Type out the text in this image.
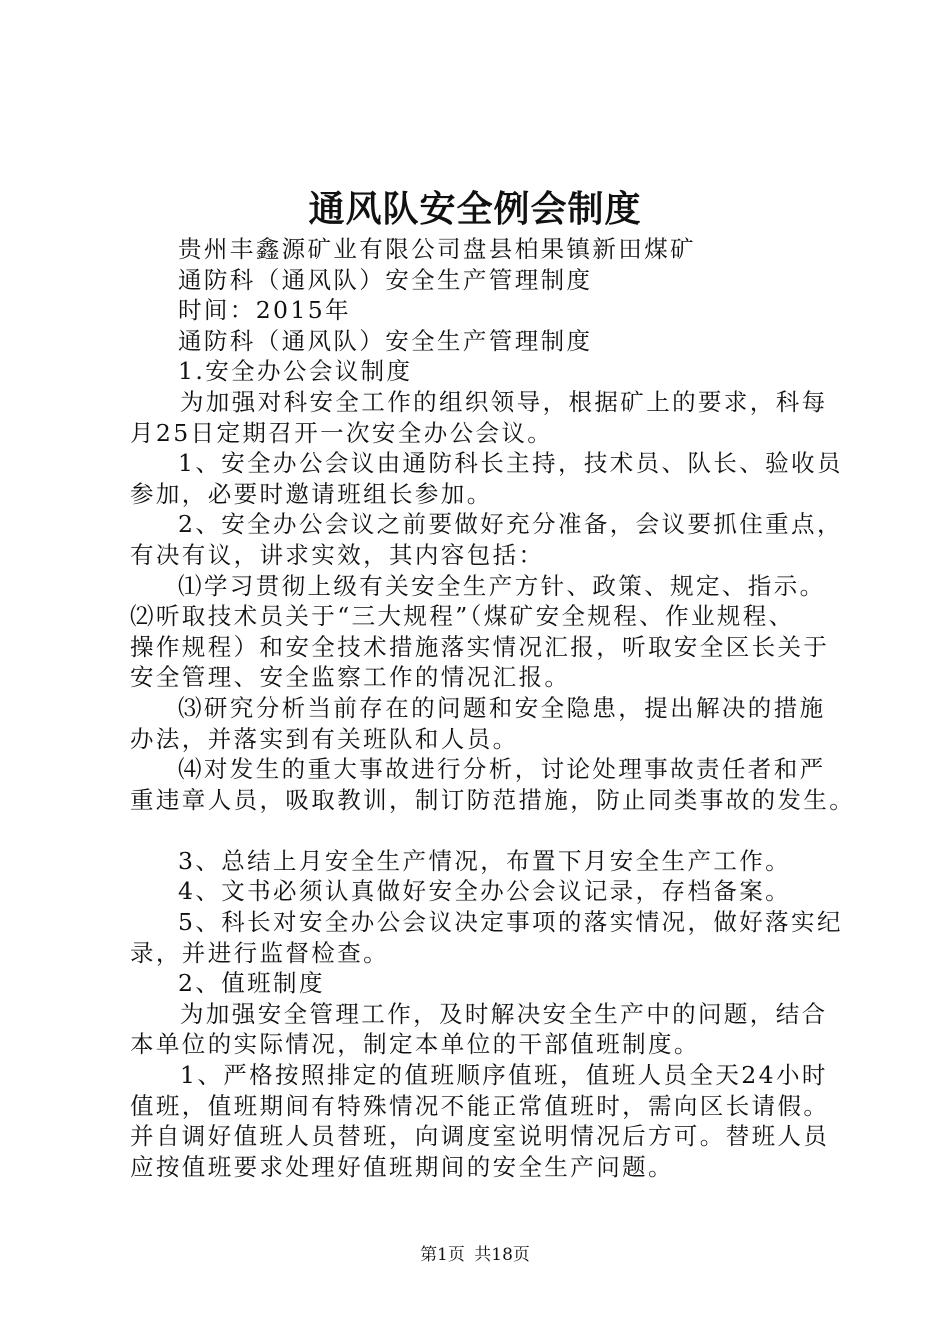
通风队安全例会制度

贵州丰鑫源矿业有限公司盘县柏果镇新田煤矿

通防科（通风队）安全生产管理制度

时间：2015年

通防科（通风队）安全生产管理制度

1.安全办公会议制度

为加强对科安全工作的组织领导，根据矿上的要求，科每

月25日定期召开一次安全办公会议。

1、安全办公会议由通防科长主持，技术员、队长、验收员

参加，必要时邀请班组长参加。

2、安全办公会议之前要做好充分准备，会议要抓住重点，

有决有议，讲求实效，其内容包括：

⑴学习贯彻上级有关安全生产方针、政策、规定、指示。

⑵听取技术员关于“三大规程”（煤矿安全规程、作业规程、

操作规程）和安全技术措施落实情况汇报，听取安全区长关于

安全管理、安全监察工作的情况汇报。

⑶研究分析当前存在的问题和安全隐患，提出解决的措施

办法，并落实到有关班队和人员。

⑷对发生的重大事故进行分析，讨论处理事故责任者和严

重违章人员，吸取教训，制订防范措施，防止同类事故的发生。

3、总结上月安全生产情况，布置下月安全生产工作。

4、文书必须认真做好安全办公会议记录，存档备案。

5、科长对安全办公会议决定事项的落实情况，做好落实纪

录，并进行监督检查。

2、值班制度

为加强安全管理工作，及时解决安全生产中的问题，结合

本单位的实际情况，制定本单位的干部值班制度。

1、严格按照排定的值班顺序值班，值班人员全天24小时

值班，值班期间有特殊情况不能正常值班时，需向区长请假。

并自调好值班人员替班，向调度室说明情况后方可。替班人员

应按值班要求处理好值班期间的安全生产问题。

第1页 共18页
